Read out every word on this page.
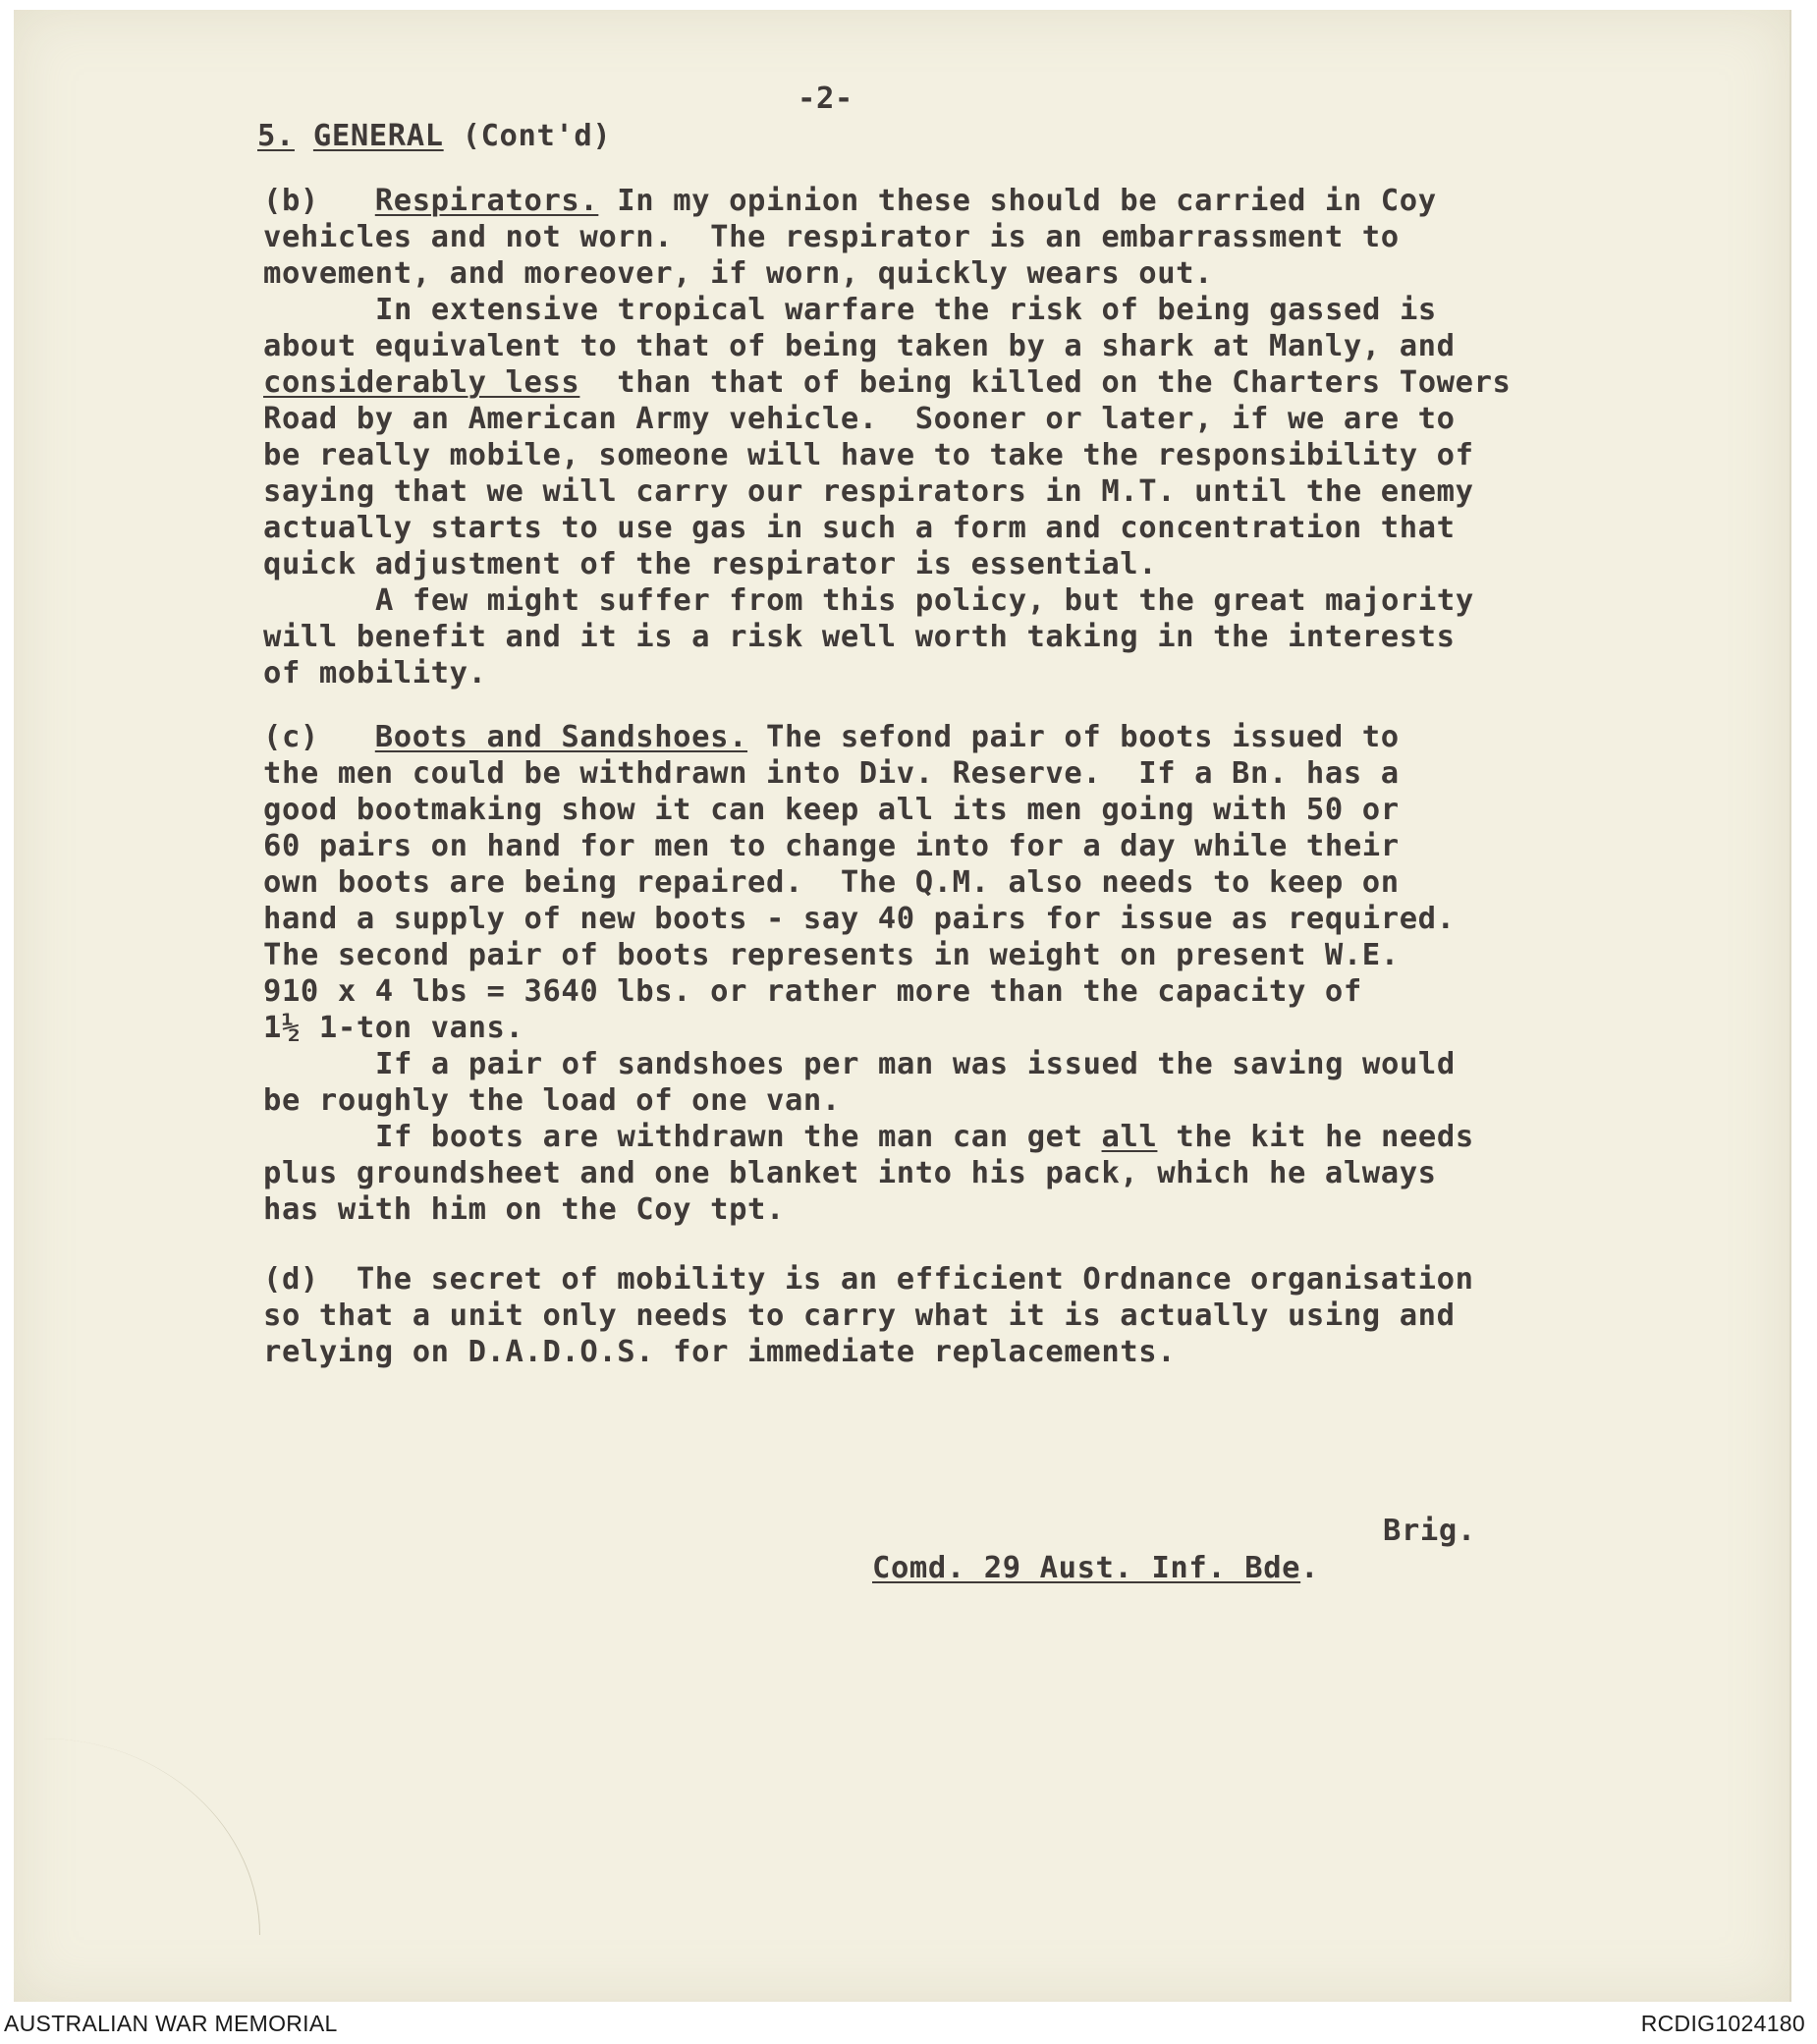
-2-
5. GENERAL (Cont'd)
(b) Respirators. In my opinion these should be carried in Coy
vehicles and not worn.  The respirator is an embarrassment to
movement, and moreover, if worn, quickly wears out.
In extensive tropical warfare the risk of being gassed is
about equivalent to that of being taken by a shark at Manly, and
considerably less  than that of being killed on the Charters Towers
Road by an American Army vehicle.  Sooner or later, if we are to
be really mobile, someone will have to take the responsibility of
saying that we will carry our respirators in M.T. until the enemy
actually starts to use gas in such a form and concentration that
quick adjustment of the respirator is essential.
A few might suffer from this policy, but the great majority
will benefit and it is a risk well worth taking in the interests
of mobility.
(c) Boots and Sandshoes. The sefond pair of boots issued to
the men could be withdrawn into Div. Reserve.  If a Bn. has a
good bootmaking show it can keep all its men going with 50 or
60 pairs on hand for men to change into for a day while their
own boots are being repaired.  The Q.M. also needs to keep on
hand a supply of new boots - say 40 pairs for issue as required.
The second pair of boots represents in weight on present W.E.
910 x 4 lbs = 3640 lbs. or rather more than the capacity of
1½ 1-ton vans.
If a pair of sandshoes per man was issued the saving would
be roughly the load of one van.
If boots are withdrawn the man can get all the kit he needs
plus groundsheet and one blanket into his pack, which he always
has with him on the Coy tpt.
(d)  The secret of mobility is an efficient Ordnance organisation
so that a unit only needs to carry what it is actually using and
relying on D.A.D.O.S. for immediate replacements.
Brig.
Comd. 29 Aust. Inf. Bde.
AUSTRALIAN WAR MEMORIAL	RCDIG1024180
